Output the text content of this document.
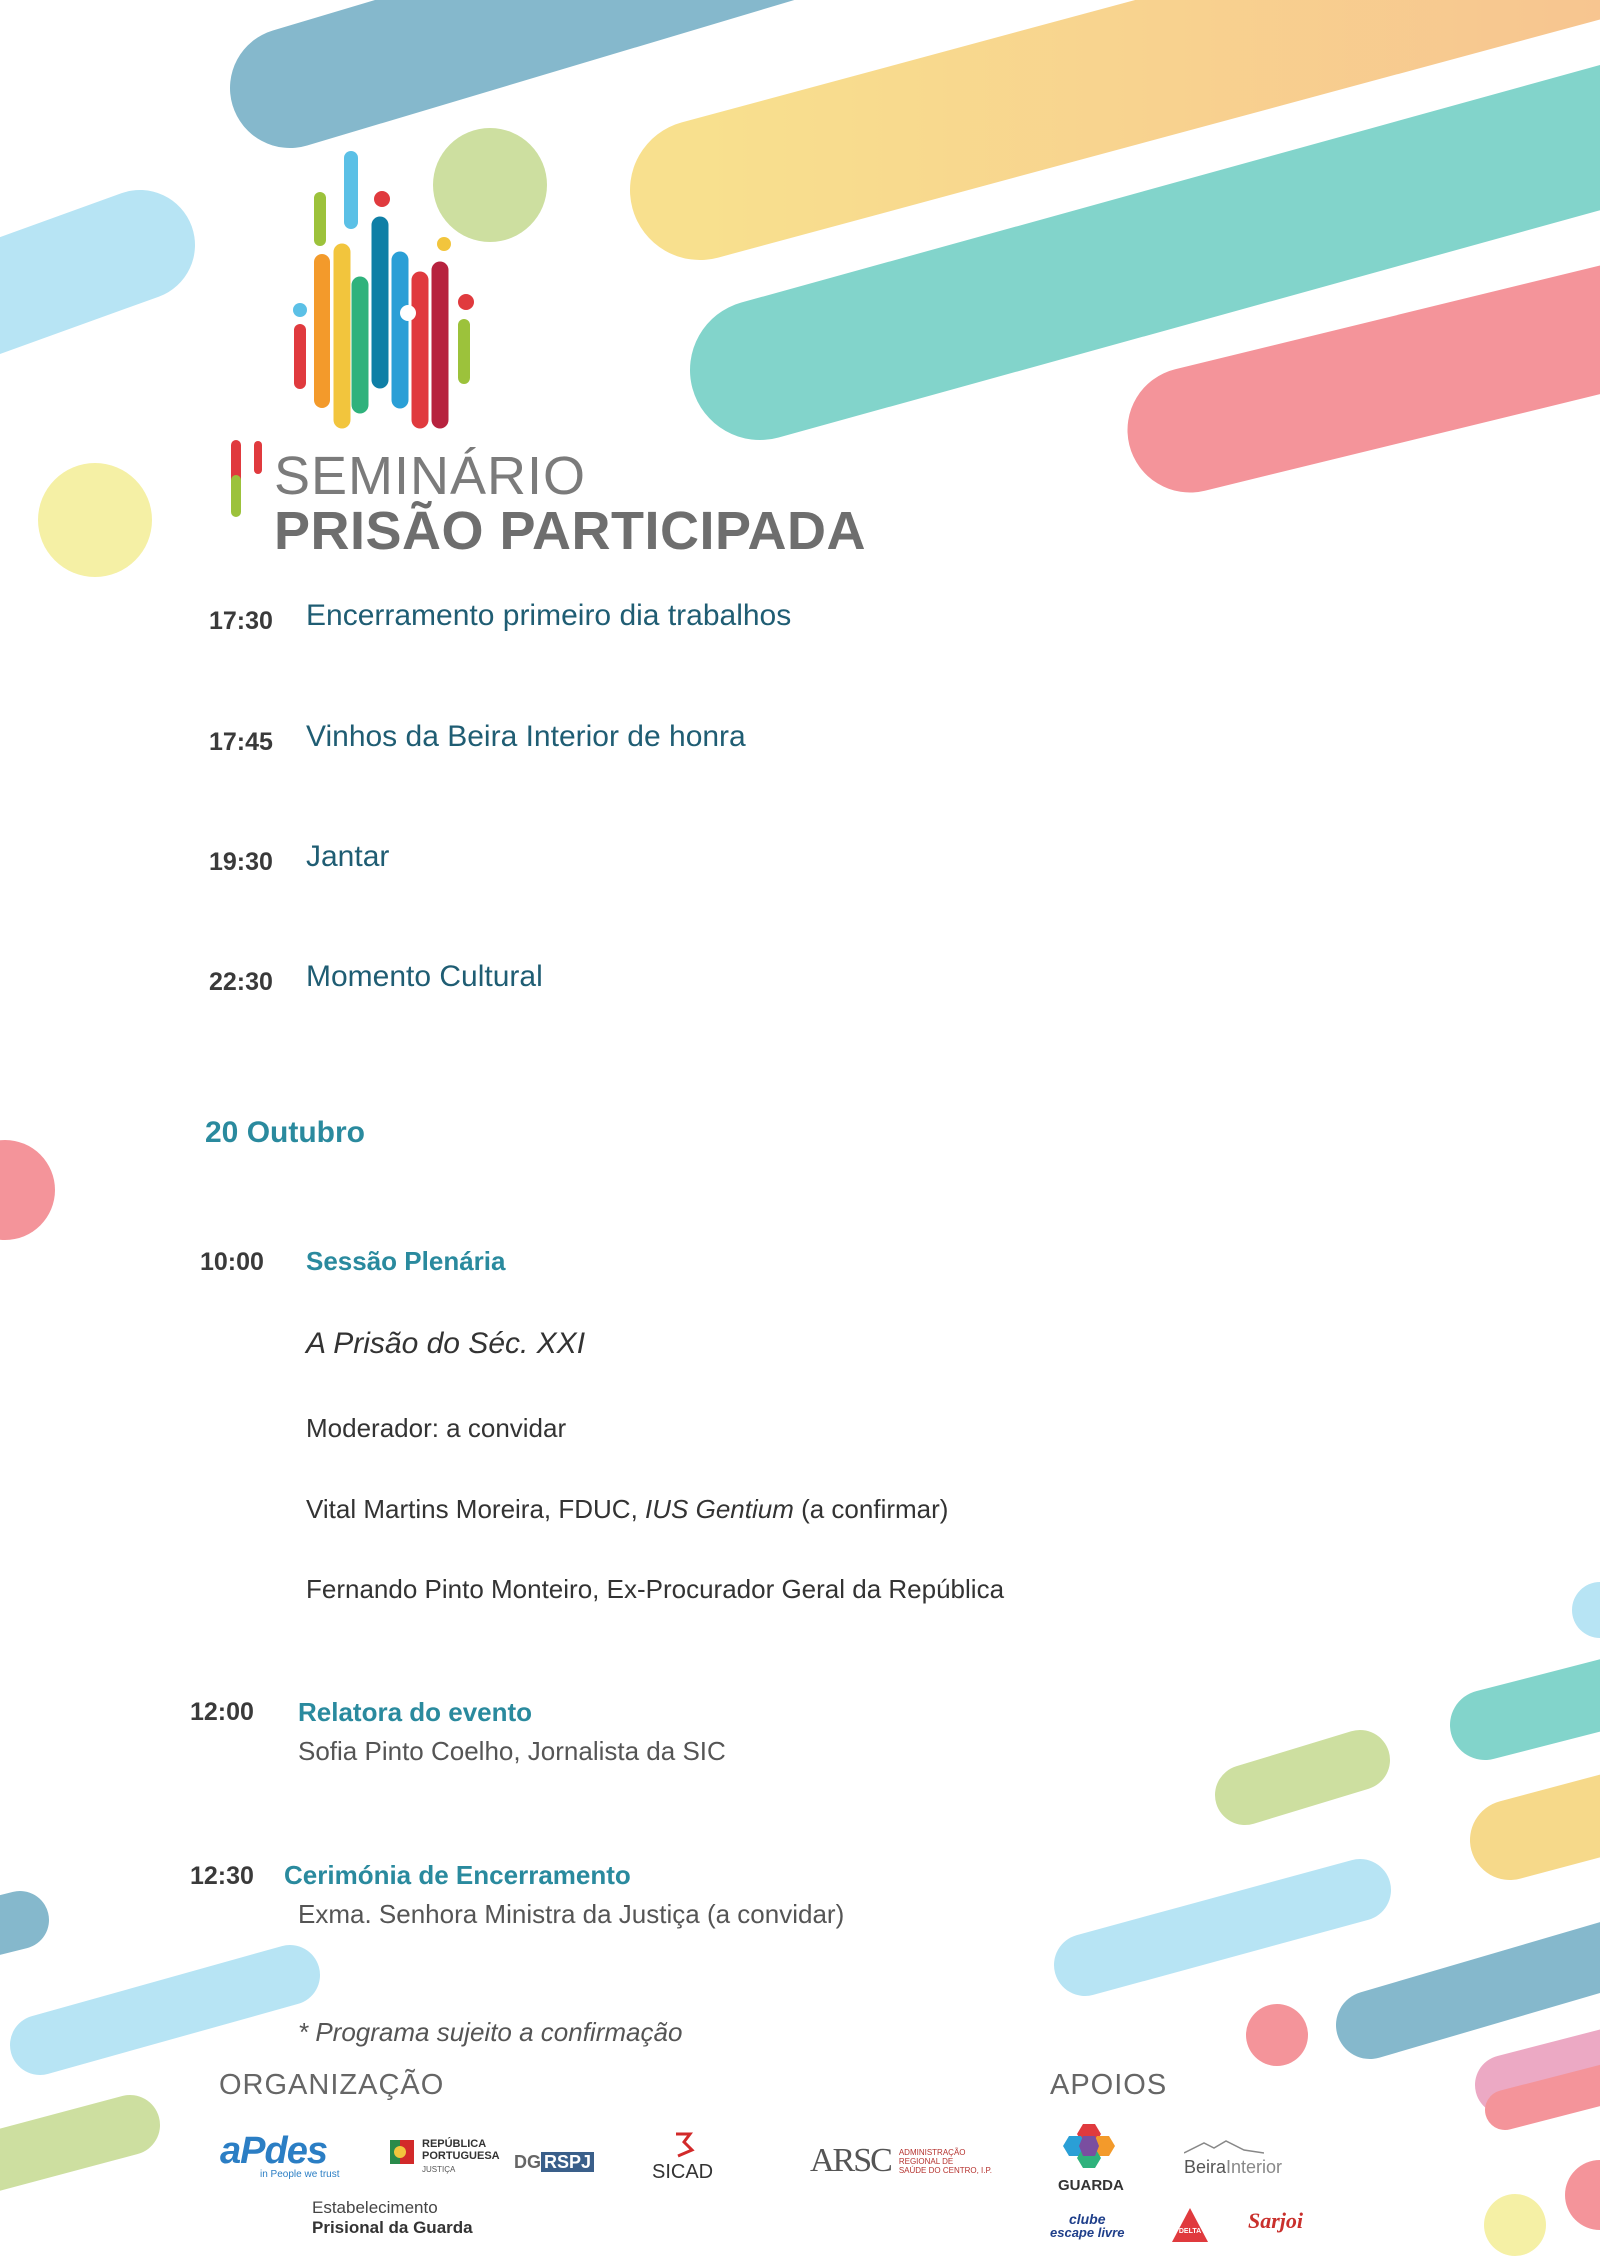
SEMINÁRIO
PRISÃO PARTICIPADA
17:30 Encerramento primeiro dia trabalhos
17:45 Vinhos da Beira Interior de honra
19:30 Jantar
22:30 Momento Cultural
20 Outubro
10:00 Sessão Plenária
A Prisão do Séc. XXI
Moderador: a convidar
Vital Martins Moreira, FDUC, IUS Gentium (a confirmar)
Fernando Pinto Monteiro, Ex-Procurador Geral da República
12:00 Relatora do evento
Sofia Pinto Coelho, Jornalista da SIC
12:30 Cerimónia de Encerramento
Exma. Senhora Ministra da Justiça (a convidar)
* Programa sujeito a confirmação
ORGANIZAÇÃO	APOIOS
aPdes
in People we trust
REPÚBLICA
PORTUGUESA
JUSTIÇA	DG RSPJ	SICAD	ARSC ADMINISTRAÇÃO
REGIONAL DE
SAÚDE DO CENTRO, I.P.
Estabelecimento
Prisional da Guarda
GUARDA
BeiraInterior
clube
escape livre	DELTA	Sarjoi
